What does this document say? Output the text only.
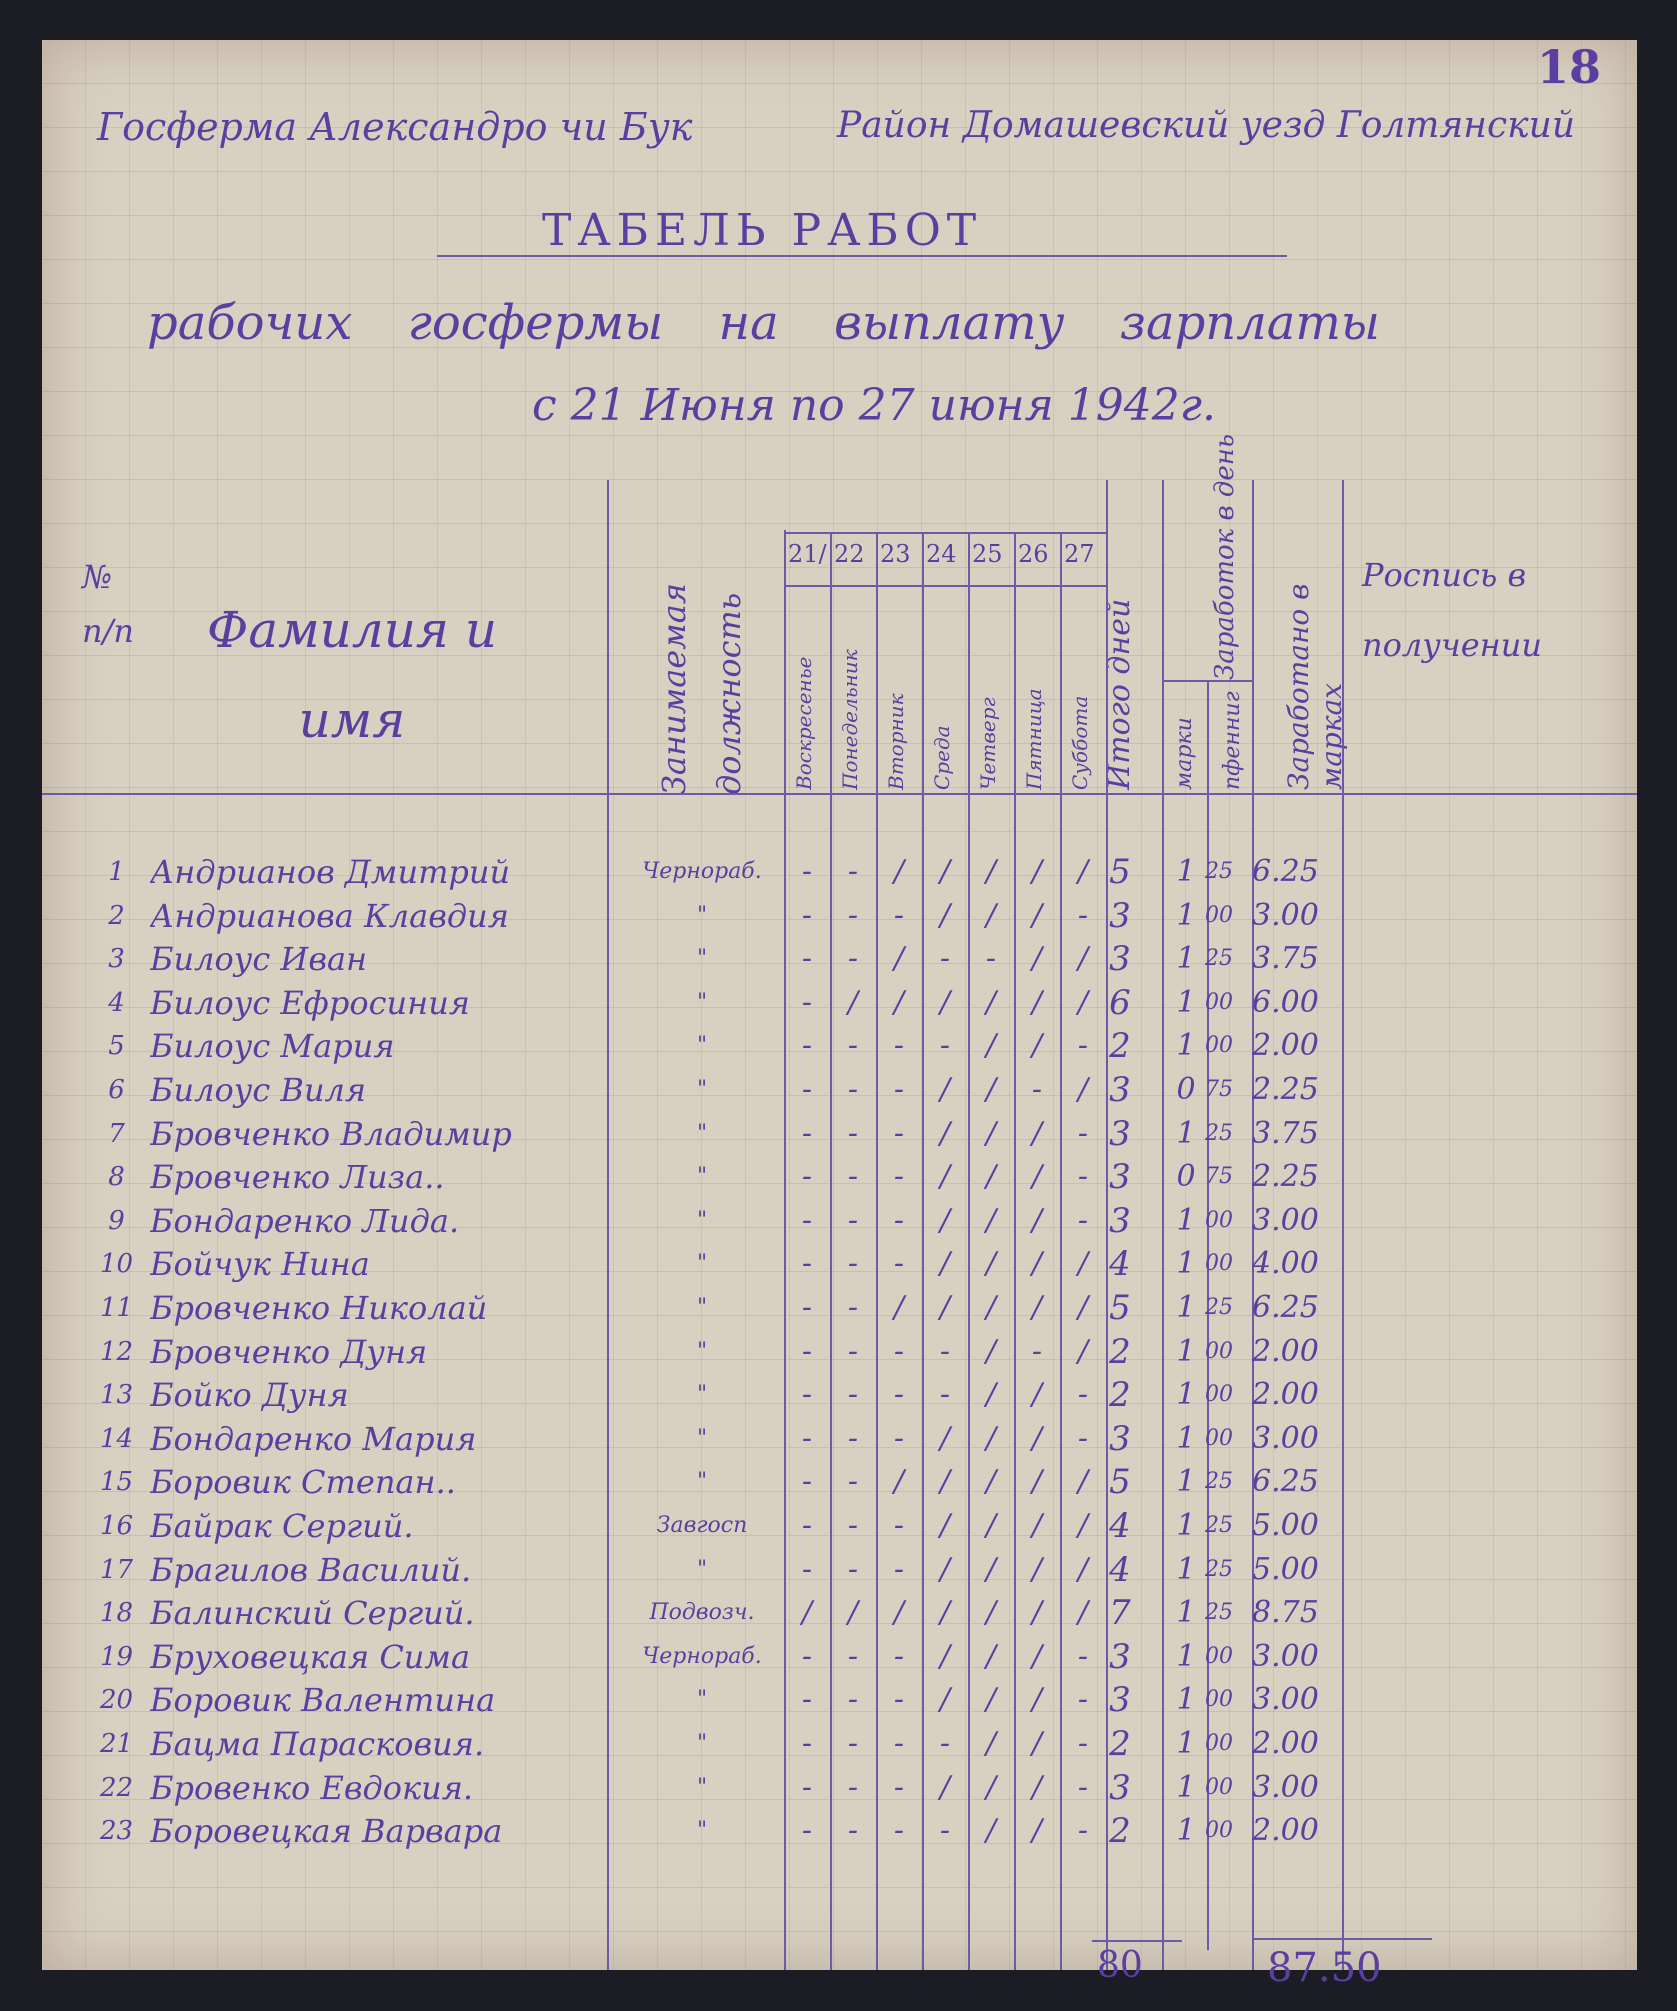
18
Госферма Александро чи Бук	Район Домашевский уезд Голтянский
ТАБЕЛЬ РАБОТ
рабочих госфермы на выплату зарплаты
с 21 Июня по 27 июня 1942г.
№ п/п	Фамилия и имя	Занимаемая должность
21/
Воскресенье
22
Понедельник
23
Вторник
24
Среда
25
Четверг
26
Пятница
27
Суббота Итого дней
Заработок в день
марки пфенниг Заработано в марках
Роспись в получении
1 Андрианов Дмитрий	Чернораб.	-	-	/	/	/	/	/ 5	1 25 6.25
2 Андрианова Клавдия	"	-	-	-	/	/	/	- 3	1 00 3.00
3 Билоус Иван	"	-	-	/	-	-	/	/ 3	1 25 3.75
4 Билоус Ефросиния	"	-	/	/	/	/	/	/ 6	1 00 6.00
5 Билоус Мария	"	-	-	-	-	/	/	- 2	1 00 2.00
6 Билоус Виля	"	-	-	-	/	/	-	/ 3	0 75 2.25
7 Бровченко Владимир	"	-	-	-	/	/	/	- 3	1 25 3.75
8 Бровченко Лиза..	"	-	-	-	/	/	/	- 3	0 75 2.25
9 Бондаренко Лида.	"	-	-	-	/	/	/	- 3	1 00 3.00
10 Бойчук Нина	"	-	-	-	/	/	/	/ 4	1 00 4.00
11 Бровченко Николай	"	-	-	/	/	/	/	/ 5	1 25 6.25
12 Бровченко Дуня	"	-	-	-	-	/	-	/ 2	1 00 2.00
13 Бойко Дуня	"	-	-	-	-	/	/	- 2	1 00 2.00
14 Бондаренко Мария	"	-	-	-	/	/	/	- 3	1 00 3.00
15 Боровик Степан..	"	-	-	/	/	/	/	/ 5	1 25 6.25
16 Байрак Сергий.	Завгосп	-	-	-	/	/	/	/ 4	1 25 5.00
17 Брагилов Василий.	"	-	-	-	/	/	/	/ 4	1 25 5.00
18 Балинский Сергий.	Подвозч.	/	/	/	/	/	/	/ 7	1 25 8.75
19 Бруховецкая Сима	Чернораб.	-	-	-	/	/	/	- 3	1 00 3.00
20 Боровик Валентина	"	-	-	-	/	/	/	- 3	1 00 3.00
21 Бацма Парасковия.	"	-	-	-	-	/	/	- 2	1 00 2.00
22 Бровенко Евдокия.	"	-	-	-	/	/	/	- 3	1 00 3.00
23 Боровецкая Варвара	"	-	-	-	-	/	/	- 2	1 00 2.00
80	87.50
